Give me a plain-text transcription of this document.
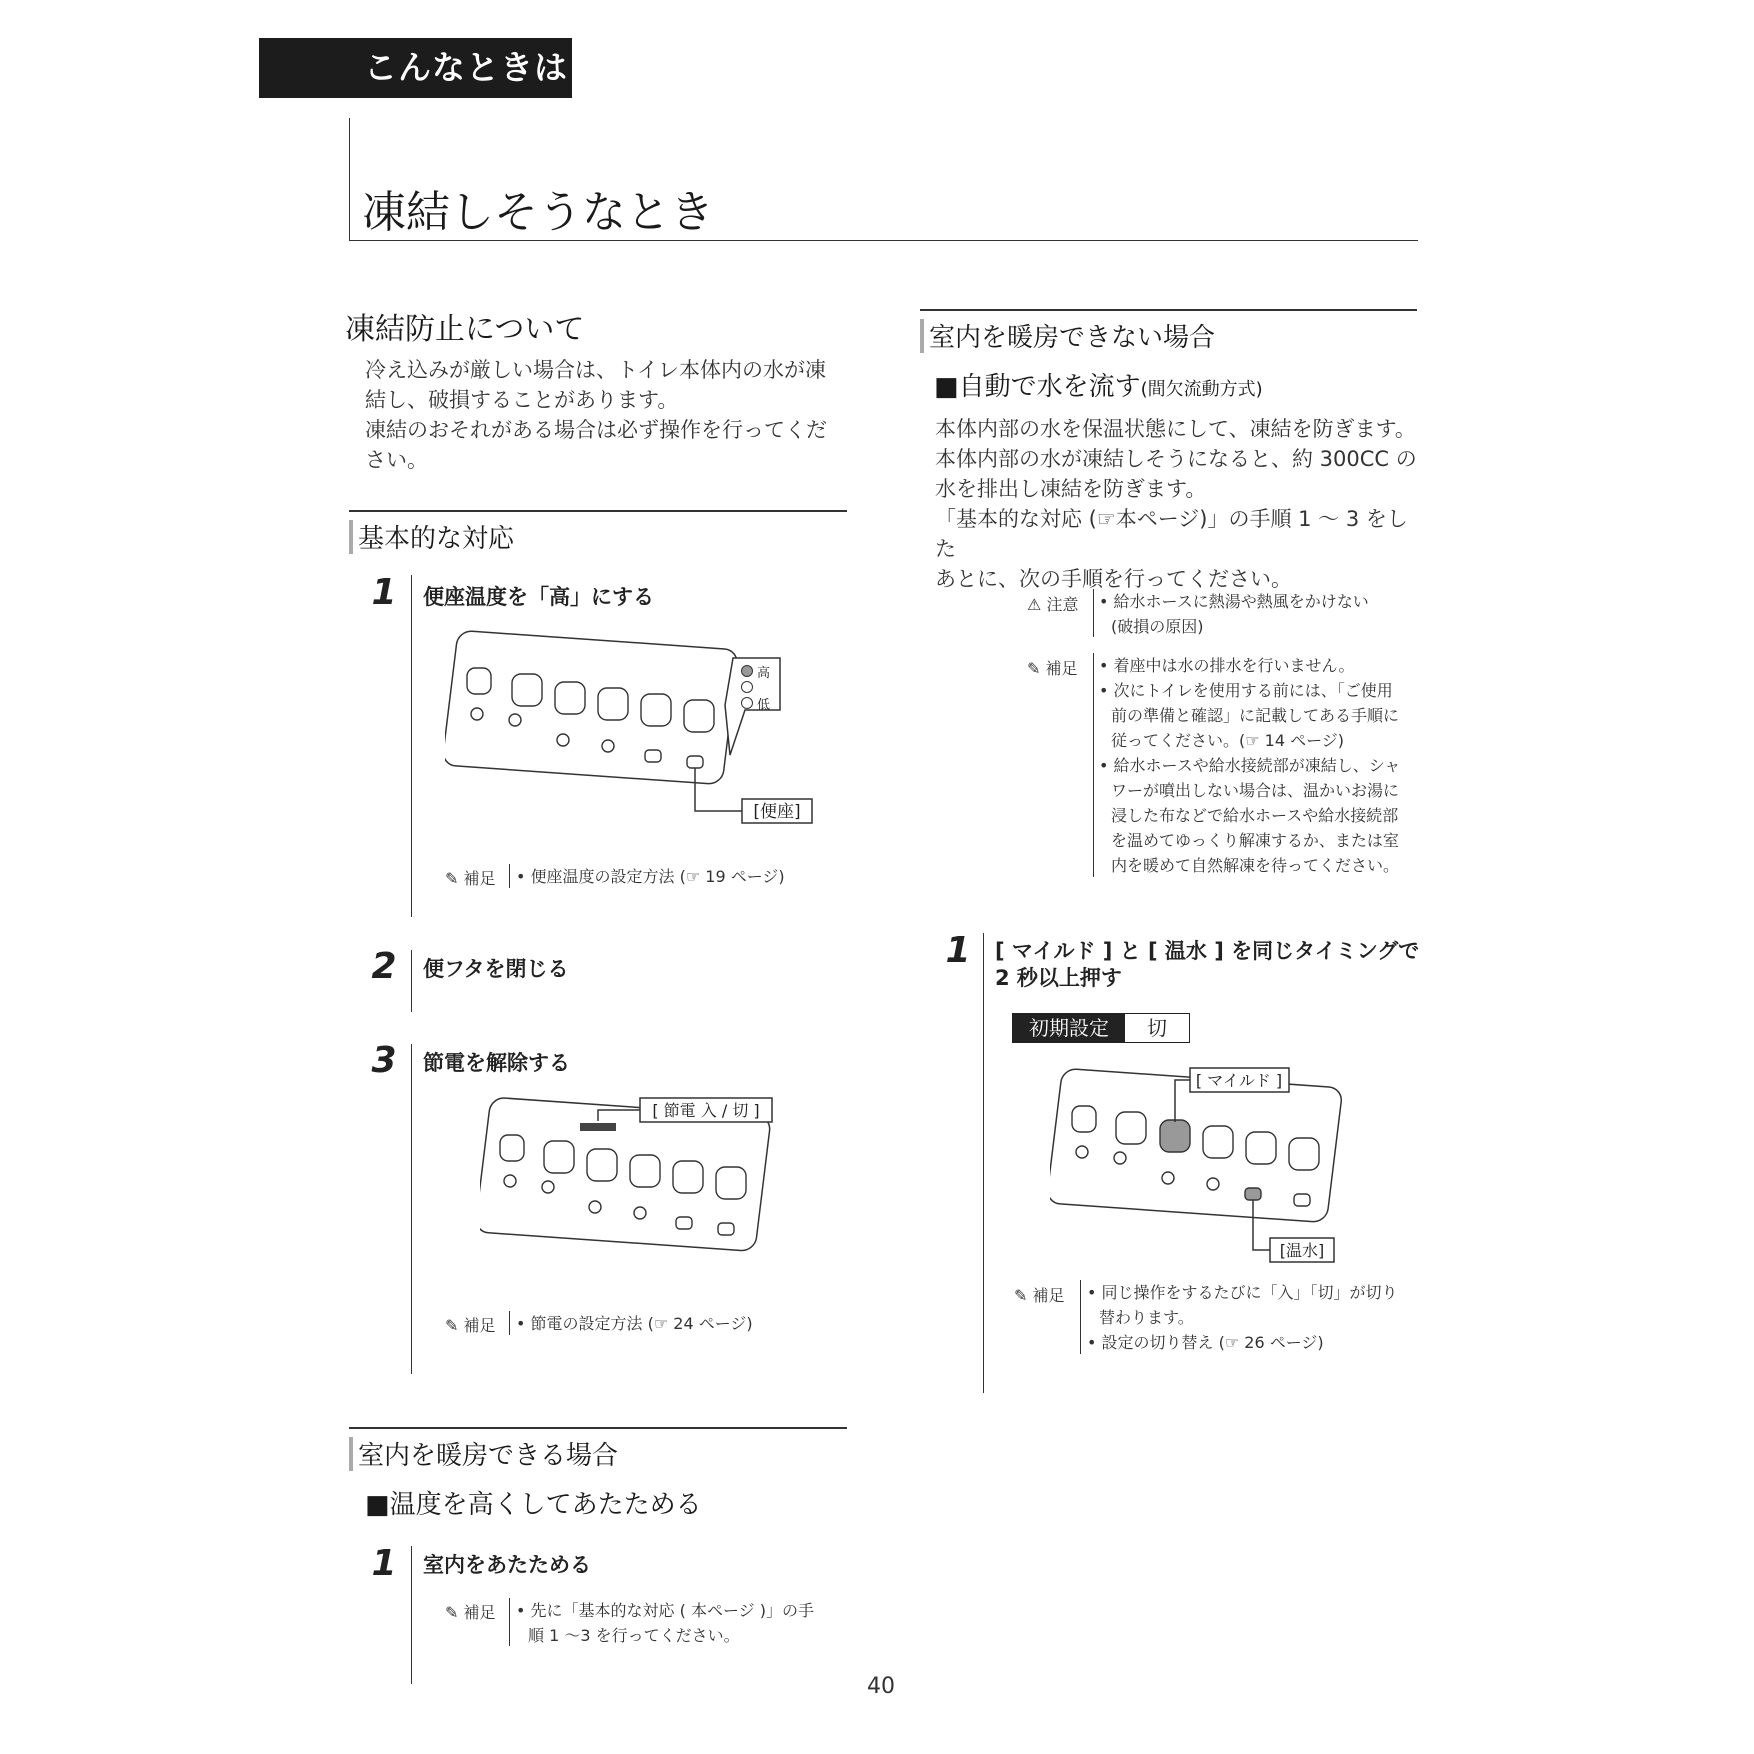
こんなときは
凍結しそうなとき
凍結防止について
冷え込みが厳しい場合は、トイレ本体内の水が凍
結し、破損することがあります。
凍結のおそれがある場合は必ず操作を行ってくだ
さい。
基本的な対応
1	便座温度を「高」にする
[便座]
高
低
✎ 補足 • 便座温度の設定方法 (☞ 19 ページ)
2	便フタを閉じる
3	節電を解除する
[ 節電 入 / 切 ]
✎ 補足 • 節電の設定方法 (☞ 24 ページ)
室内を暖房できる場合
■温度を高くしてあたためる
1	室内をあたためる
✎ 補足 • 先に「基本的な対応 ( 本ページ )」の手
順 1 ～3 を行ってください。
室内を暖房できない場合
■自動で水を流す(間欠流動方式)
本体内部の水を保温状態にして、凍結を防ぎます。
本体内部の水が凍結しそうになると、約 300CC の
水を排出し凍結を防ぎます。
「基本的な対応 (☞本ページ)」の手順 1 ～ 3 をした
あとに、次の手順を行ってください。
⚠ 注意 • 給水ホースに熱湯や熱風をかけない
(破損の原因)
✎ 補足 • 着座中は水の排水を行いません。
• 次にトイレを使用する前には、「ご使用
前の準備と確認」に記載してある手順に
従ってください。(☞ 14 ページ)
• 給水ホースや給水接続部が凍結し、シャ
ワーが噴出しない場合は、温かいお湯に
浸した布などで給水ホースや給水接続部
を温めてゆっくり解凍するか、または室
内を暖めて自然解凍を待ってください。
1	[ マイルド ] と [ 温水 ] を同じタイミングで
2 秒以上押す
初期設定	切
[ マイルド ]
[温水]
✎ 補足 • 同じ操作をするたびに「入」「切」が切り
替わります。
• 設定の切り替え (☞ 26 ページ)
40
